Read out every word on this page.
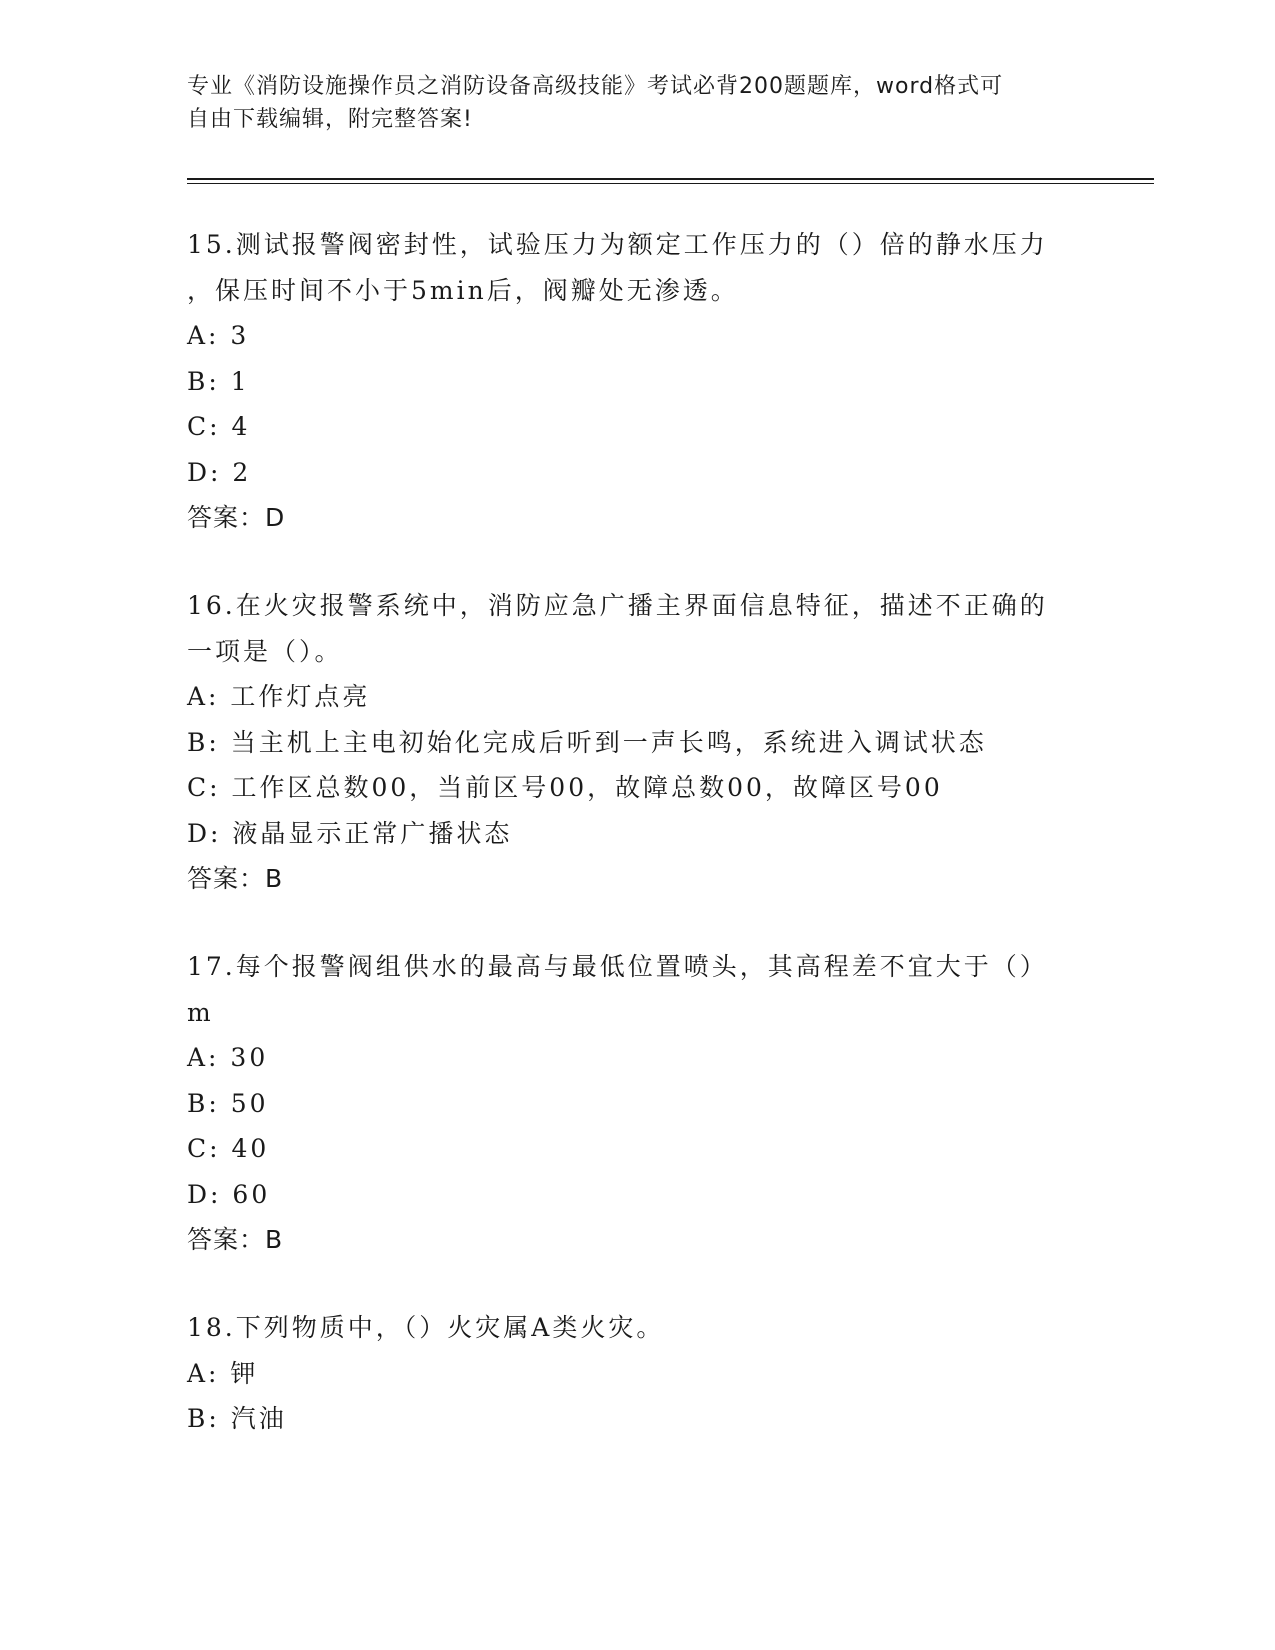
专业《消防设施操作员之消防设备高级技能》考试必背200题题库，word格式可
自由下载编辑，附完整答案!
15.测试报警阀密封性，试验压力为额定工作压力的（）倍的静水压力
，保压时间不小于5min后，阀瓣处无渗透。
A: 3
B: 1
C: 4
D: 2
答案：D
16.在火灾报警系统中，消防应急广播主界面信息特征，描述不正确的
一项是（）。
A: 工作灯点亮
B: 当主机上主电初始化完成后听到一声长鸣，系统进入调试状态
C: 工作区总数00，当前区号00，故障总数00，故障区号00
D: 液晶显示正常广播状态
答案：B
17.每个报警阀组供水的最高与最低位置喷头，其高程差不宜大于（）
m
A: 30
B: 50
C: 40
D: 60
答案：B
18.下列物质中，（）火灾属A类火灾。
A: 钾
B: 汽油
